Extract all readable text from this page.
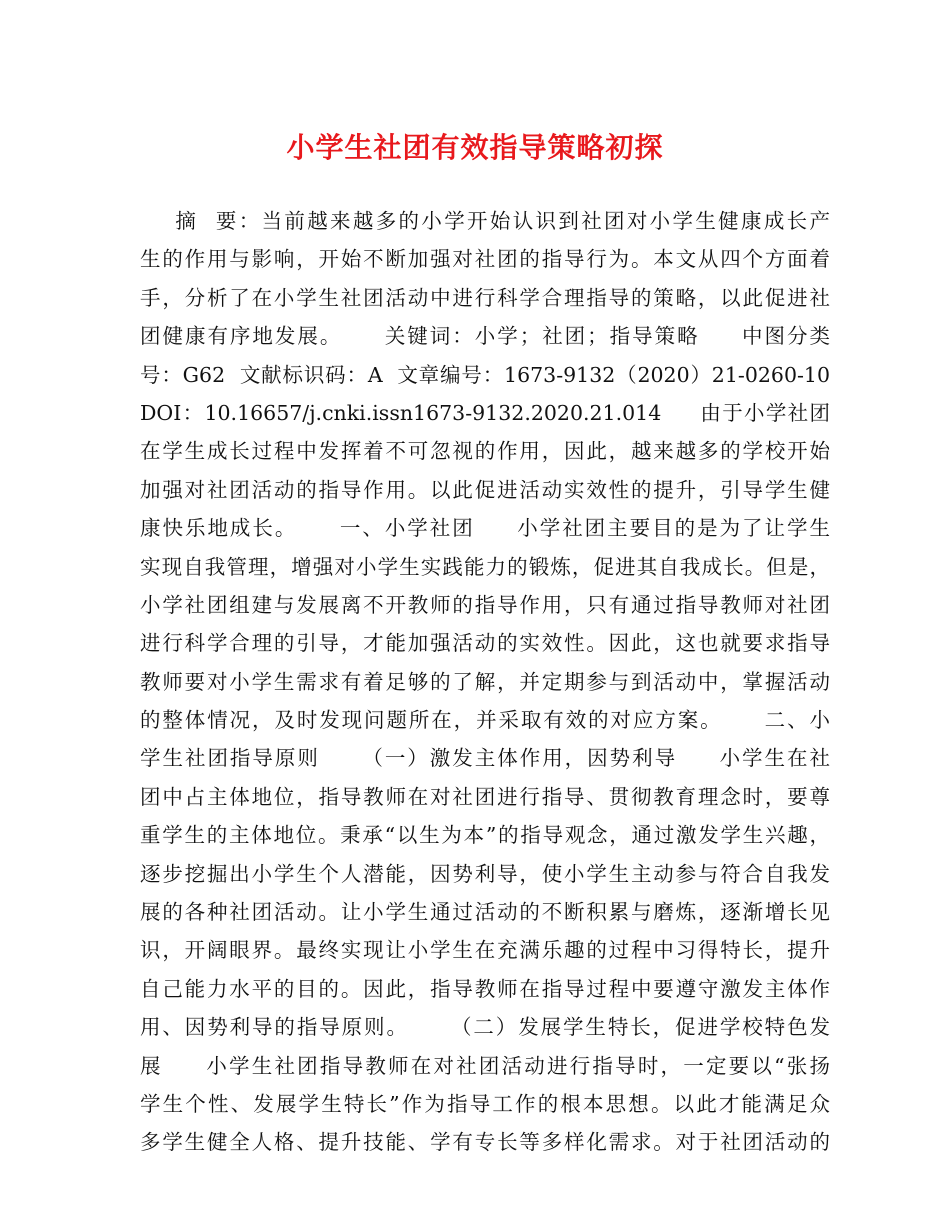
小学生社团有效指导策略初探
摘  要：当前越来越多的小学开始认识到社团对小学生健康成长产
生的作用与影响，开始不断加强对社团的指导行为。本文从四个方面着
手，分析了在小学生社团活动中进行科学合理指导的策略，以此促进社
团健康有序地发展。     关键词：小学；社团；指导策略     中图分类
号：G62  文献标识码：A  文章编号：1673-9132（2020）21-0260-10
DOI：10.16657/j.cnki.issn1673-9132.2020.21.014     由于小学社团
在学生成长过程中发挥着不可忽视的作用，因此，越来越多的学校开始
加强对社团活动的指导作用。以此促进活动实效性的提升，引导学生健
康快乐地成长。     一、小学社团     小学社团主要目的是为了让学生
实现自我管理，增强对小学生实践能力的锻炼，促进其自我成长。但是，
小学社团组建与发展离不开教师的指导作用，只有通过指导教师对社团
进行科学合理的引导，才能加强活动的实效性。因此，这也就要求指导
教师要对小学生需求有着足够的了解，并定期参与到活动中，掌握活动
的整体情况，及时发现问题所在，并采取有效的对应方案。     二、小
学生社团指导原则     （一）激发主体作用，因势利导     小学生在社
团中占主体地位，指导教师在对社团进行指导、贯彻教育理念时，要尊
重学生的主体地位。秉承“以生为本”的指导观念，通过激发学生兴趣，
逐步挖掘出小学生个人潜能，因势利导，使小学生主动参与符合自我发
展的各种社团活动。让小学生通过活动的不断积累与磨炼，逐渐增长见
识，开阔眼界。最终实现让小学生在充满乐趣的过程中习得特长，提升
自己能力水平的目的。因此，指导教师在指导过程中要遵守激发主体作
用、因势利导的指导原则。     （二）发展学生特长，促进学校特色发
展     小学生社团指导教师在对社团活动进行指导时，一定要以“张扬
学生个性、发展学生特长”作为指导工作的根本思想。以此才能满足众
多学生健全人格、提升技能、学有专长等多样化需求。对于社团活动的
